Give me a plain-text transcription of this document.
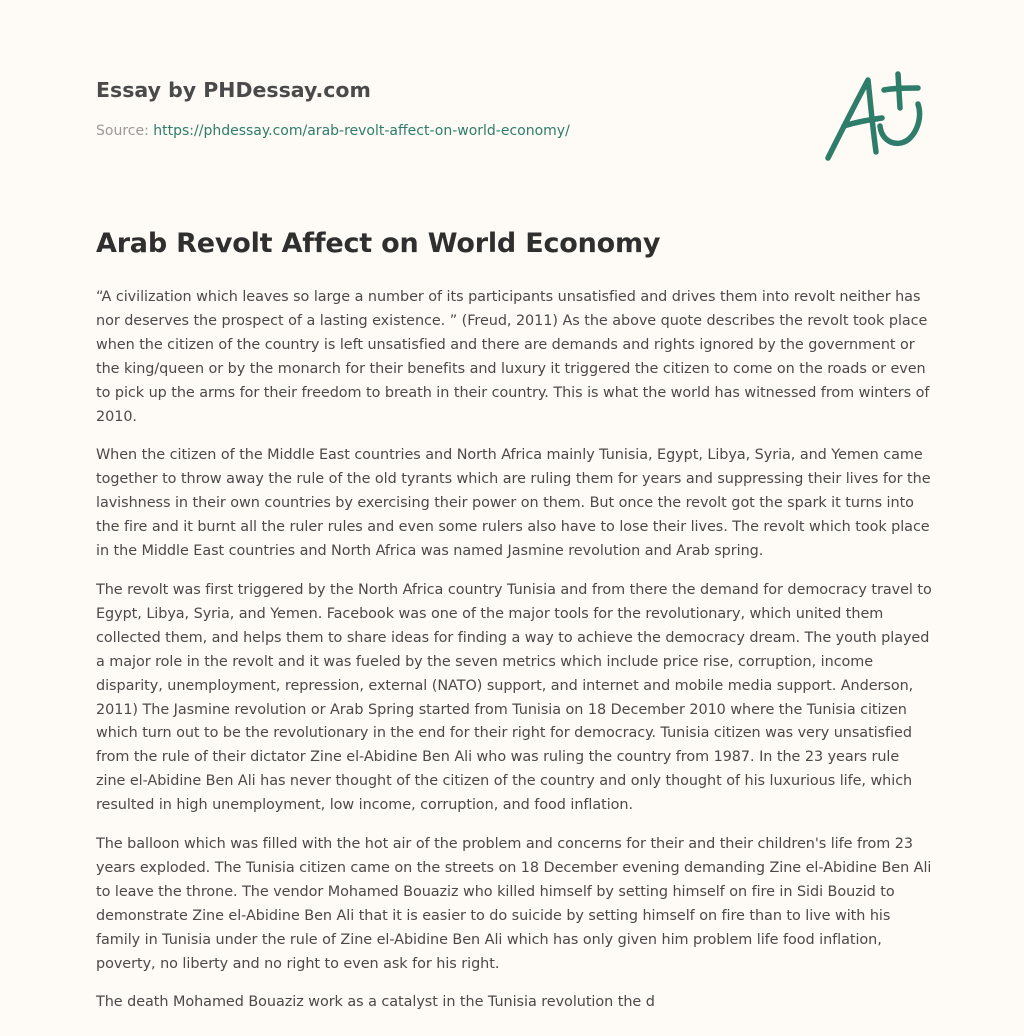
Essay by PHDessay.com
Source: https://phdessay.com/arab-revolt-affect-on-world-economy/
Arab Revolt Affect on World Economy

“A civilization which leaves so large a number of its participants unsatisfied and drives them into revolt neither has nor deserves the prospect of a lasting existence. ” (Freud, 2011) As the above quote describes the revolt took place when the citizen of the country is left unsatisfied and there are demands and rights ignored by the government or the king/queen or by the monarch for their benefits and luxury it triggered the citizen to come on the roads or even to pick up the arms for their freedom to breath in their country. This is what the world has witnessed from winters of 2010.

When the citizen of the Middle East countries and North Africa mainly Tunisia, Egypt, Libya, Syria, and Yemen came together to throw away the rule of the old tyrants which are ruling them for years and suppressing their lives for the lavishness in their own countries by exercising their power on them. But once the revolt got the spark it turns into the fire and it burnt all the ruler rules and even some rulers also have to lose their lives. The revolt which took place in the Middle East countries and North Africa was named Jasmine revolution and Arab spring.

The revolt was first triggered by the North Africa country Tunisia and from there the demand for democracy travel to Egypt, Libya, Syria, and Yemen. Facebook was one of the major tools for the revolutionary, which united them collected them, and helps them to share ideas for finding a way to achieve the democracy dream. The youth played a major role in the revolt and it was fueled by the seven metrics which include price rise, corruption, income disparity, unemployment, repression, external (NATO) support, and internet and mobile media support. Anderson, 2011) The Jasmine revolution or Arab Spring started from Tunisia on 18 December 2010 where the Tunisia citizen which turn out to be the revolutionary in the end for their right for democracy. Tunisia citizen was very unsatisfied from the rule of their dictator Zine el-Abidine Ben Ali who was ruling the country from 1987. In the 23 years rule zine el-Abidine Ben Ali has never thought of the citizen of the country and only thought of his luxurious life, which resulted in high unemployment, low income, corruption, and food inflation.

The balloon which was filled with the hot air of the problem and concerns for their and their children's life from 23 years exploded. The Tunisia citizen came on the streets on 18 December evening demanding Zine el-Abidine Ben Ali to leave the throne. The vendor Mohamed Bouaziz who killed himself by setting himself on fire in Sidi Bouzid to demonstrate Zine el-Abidine Ben Ali that it is easier to do suicide by setting himself on fire than to live with his family in Tunisia under the rule of Zine el-Abidine Ben Ali which has only given him problem life food inflation, poverty, no liberty and no right to even ask for his right.

The death Mohamed Bouaziz work as a catalyst in the Tunisia revolution the d
